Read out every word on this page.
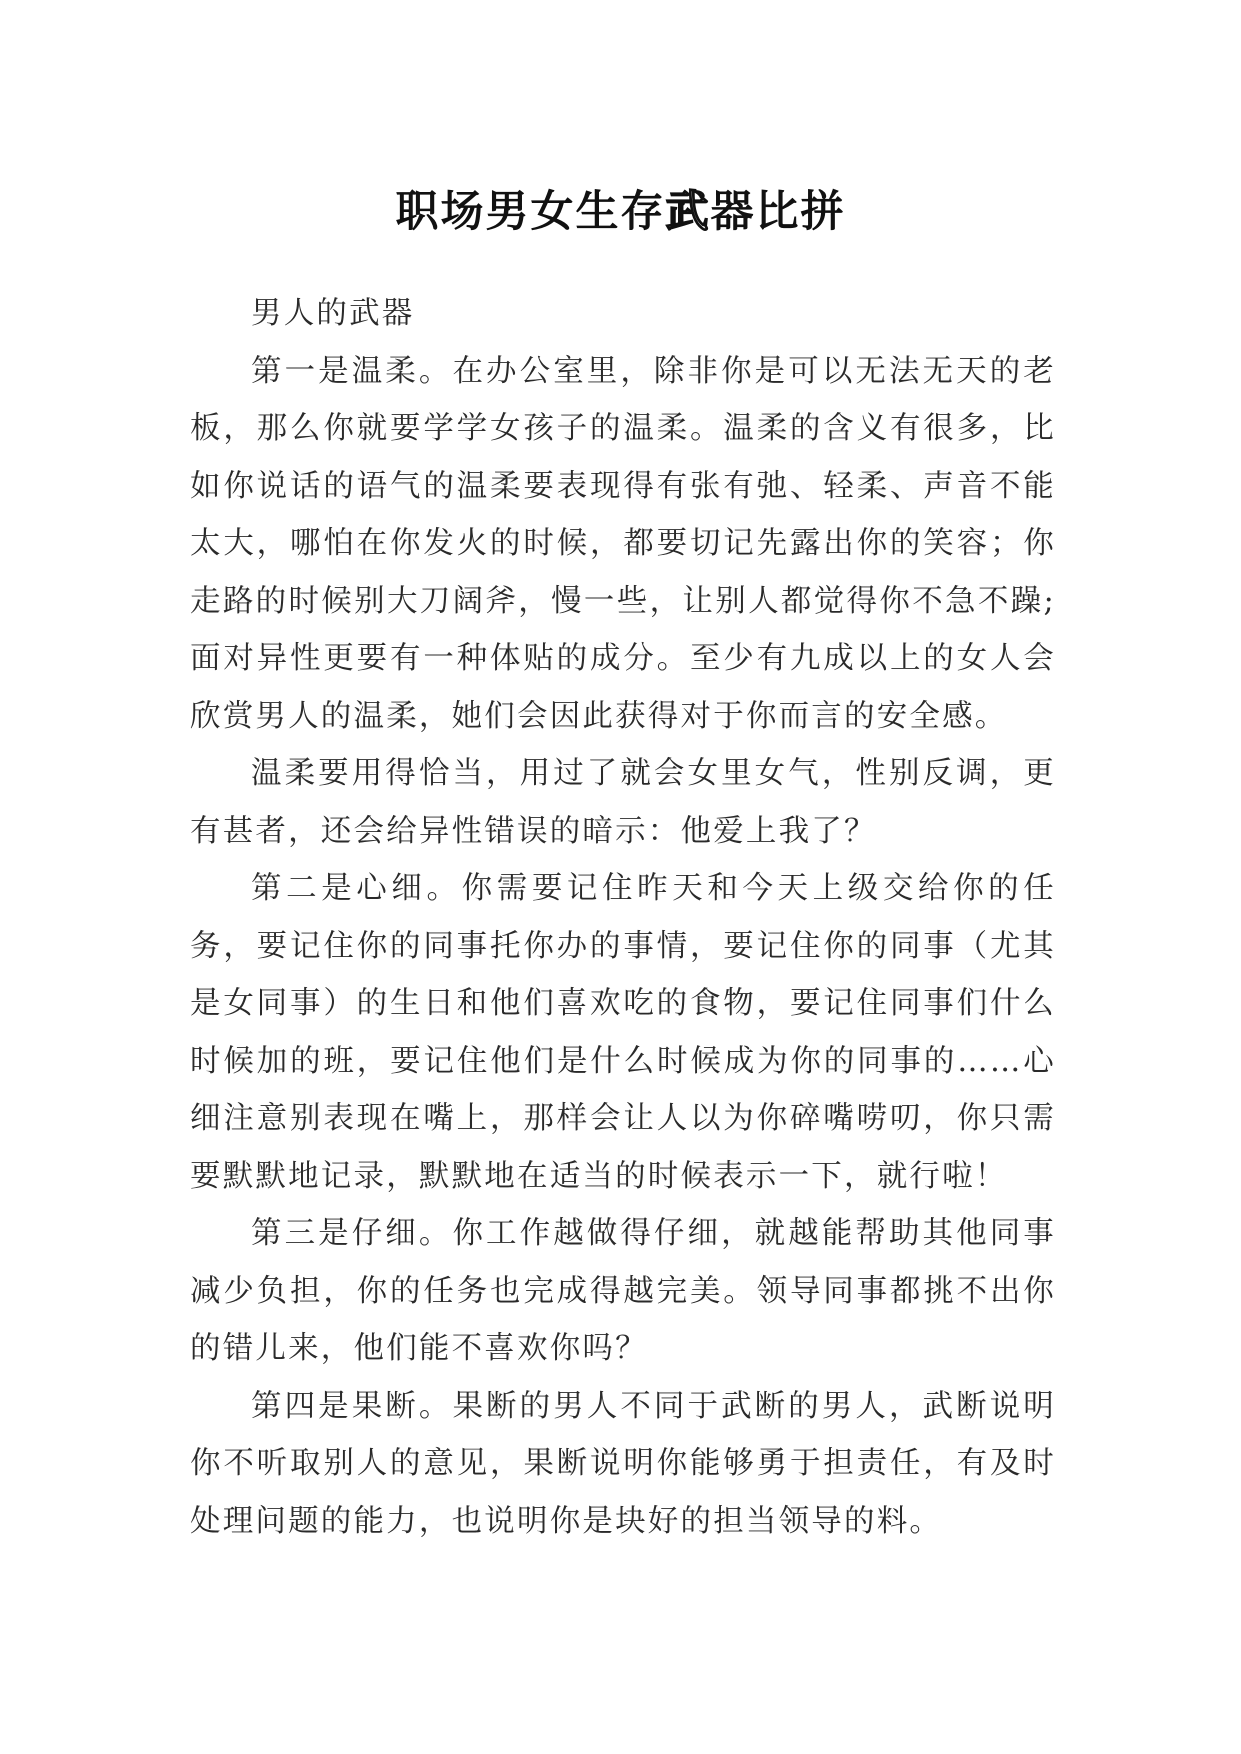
职场男女生存武器比拼

男人的武器

第一是温柔。在办公室里，除非你是可以无法无天的老板，那么你就要学学女孩子的温柔。温柔的含义有很多，比如你说话的语气的温柔要表现得有张有弛、轻柔、声音不能太大，哪怕在你发火的时候，都要切记先露出你的笑容；你走路的时候别大刀阔斧，慢一些，让别人都觉得你不急不躁;面对异性更要有一种体贴的成分。至少有九成以上的女人会欣赏男人的温柔，她们会因此获得对于你而言的安全感。

温柔要用得恰当，用过了就会女里女气，性别反调，更有甚者，还会给异性错误的暗示：他爱上我了？

第二是心细。你需要记住昨天和今天上级交给你的任务，要记住你的同事托你办的事情，要记住你的同事（尤其是女同事）的生日和他们喜欢吃的食物，要记住同事们什么时候加的班，要记住他们是什么时候成为你的同事的……心细注意别表现在嘴上，那样会让人以为你碎嘴唠叨，你只需要默默地记录，默默地在适当的时候表示一下，就行啦！

第三是仔细。你工作越做得仔细，就越能帮助其他同事减少负担，你的任务也完成得越完美。领导同事都挑不出你的错儿来，他们能不喜欢你吗？

第四是果断。果断的男人不同于武断的男人，武断说明你不听取别人的意见，果断说明你能够勇于担责任，有及时处理问题的能力，也说明你是块好的担当领导的料。
